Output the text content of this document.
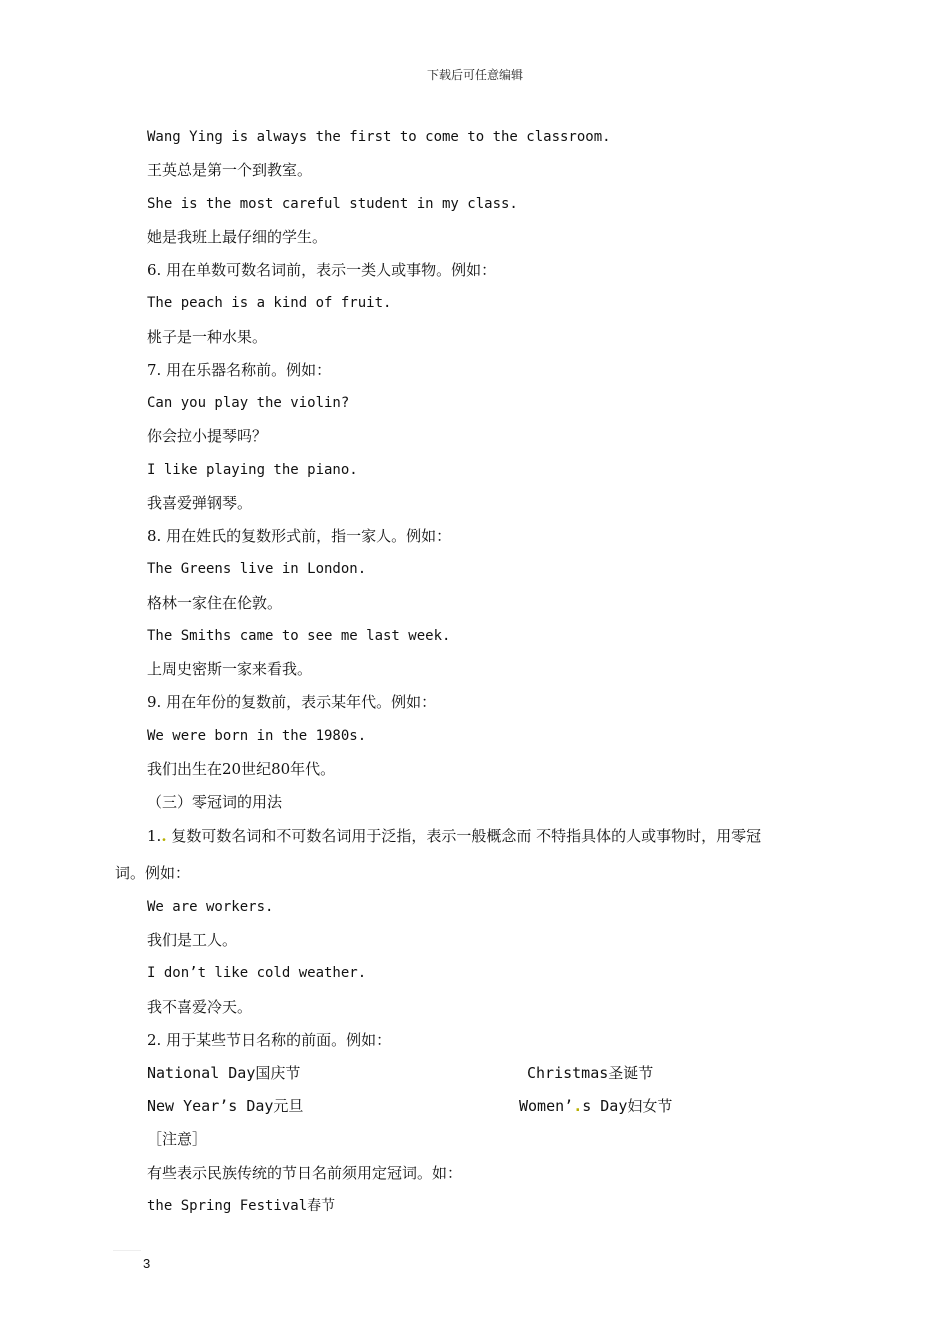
下载后可任意编辑
Wang Ying is always the first to come to the classroom.
王英总是第一个到教室。
She is the most careful student in my class.
她是我班上最仔细的学生。
6. 用在单数可数名词前，表示一类人或事物。例如：
The peach is a kind of fruit.
桃子是一种水果。
7. 用在乐器名称前。例如：
Can you play the violin?
你会拉小提琴吗？
I like playing the piano.
我喜爱弹钢琴。
8. 用在姓氏的复数形式前，指一家人。例如：
The Greens live in London.
格林一家住在伦敦。
The Smiths came to see me last week.
上周史密斯一家来看我。
9. 用在年份的复数前，表示某年代。例如：
We were born in the 1980s.
我们出生在20世纪80年代。
（三）零冠词的用法
1.. 复数可数名词和不可数名词用于泛指，表示一般概念而 不特指具体的人或事物时，用零冠
词。例如：
We are workers.
我们是工人。
I don’t like cold weather.
我不喜爱冷天。
2. 用于某些节日名称的前面。例如：
National Day国庆节	Christmas圣诞节
New Year’s Day元旦	Women’.s Day妇女节
［注意］
有些表示民族传统的节日名前须用定冠词。如：
the Spring Festival春节
3
